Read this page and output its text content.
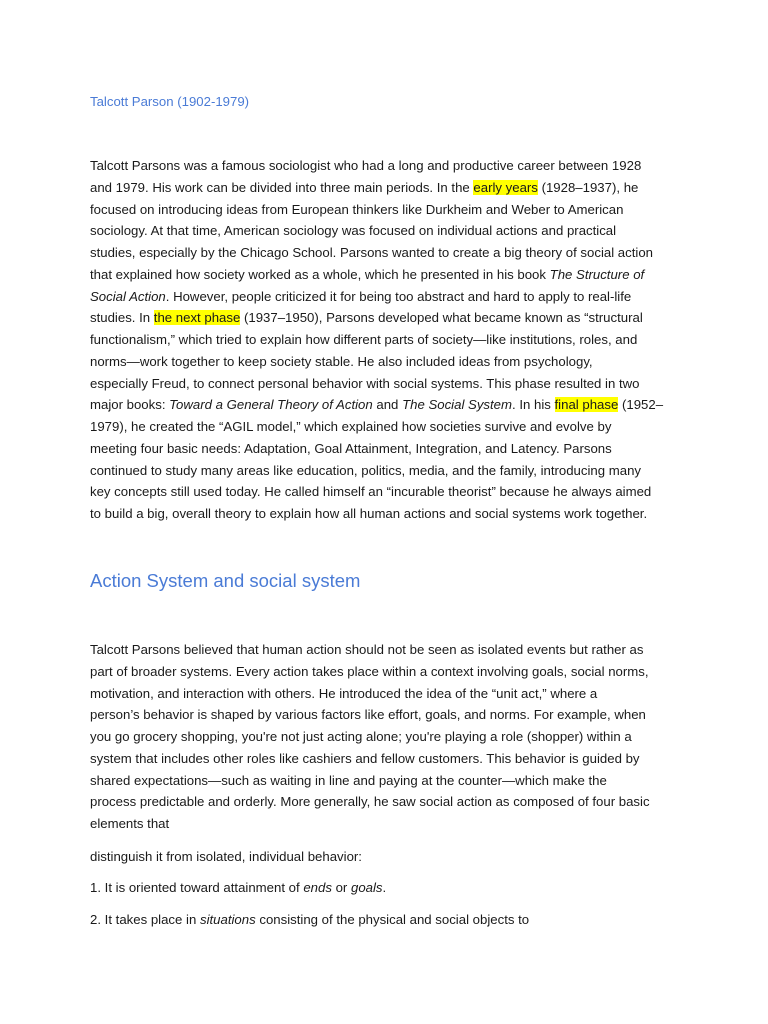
Talcott Parson (1902-1979)
Talcott Parsons was a famous sociologist who had a long and productive career between 1928
and 1979. His work can be divided into three main periods. In the early years (1928–1937), he
focused on introducing ideas from European thinkers like Durkheim and Weber to American
sociology. At that time, American sociology was focused on individual actions and practical
studies, especially by the Chicago School. Parsons wanted to create a big theory of social action
that explained how society worked as a whole, which he presented in his book The Structure of
Social Action. However, people criticized it for being too abstract and hard to apply to real-life
studies. In the next phase (1937–1950), Parsons developed what became known as “structural
functionalism,” which tried to explain how different parts of society—like institutions, roles, and
norms—work together to keep society stable. He also included ideas from psychology,
especially Freud, to connect personal behavior with social systems. This phase resulted in two
major books: Toward a General Theory of Action and The Social System. In his final phase (1952–
1979), he created the “AGIL model,” which explained how societies survive and evolve by
meeting four basic needs: Adaptation, Goal Attainment, Integration, and Latency. Parsons
continued to study many areas like education, politics, media, and the family, introducing many
key concepts still used today. He called himself an “incurable theorist” because he always aimed
to build a big, overall theory to explain how all human actions and social systems work together.
Action System and social system
Talcott Parsons believed that human action should not be seen as isolated events but rather as
part of broader systems. Every action takes place within a context involving goals, social norms,
motivation, and interaction with others. He introduced the idea of the “unit act,” where a
person’s behavior is shaped by various factors like effort, goals, and norms. For example, when
you go grocery shopping, you're not just acting alone; you're playing a role (shopper) within a
system that includes other roles like cashiers and fellow customers. This behavior is guided by
shared expectations—such as waiting in line and paying at the counter—which make the
process predictable and orderly. More generally, he saw social action as composed of four basic
elements that
distinguish it from isolated, individual behavior:
1. It is oriented toward attainment of ends or goals.
2. It takes place in situations consisting of the physical and social objects to
